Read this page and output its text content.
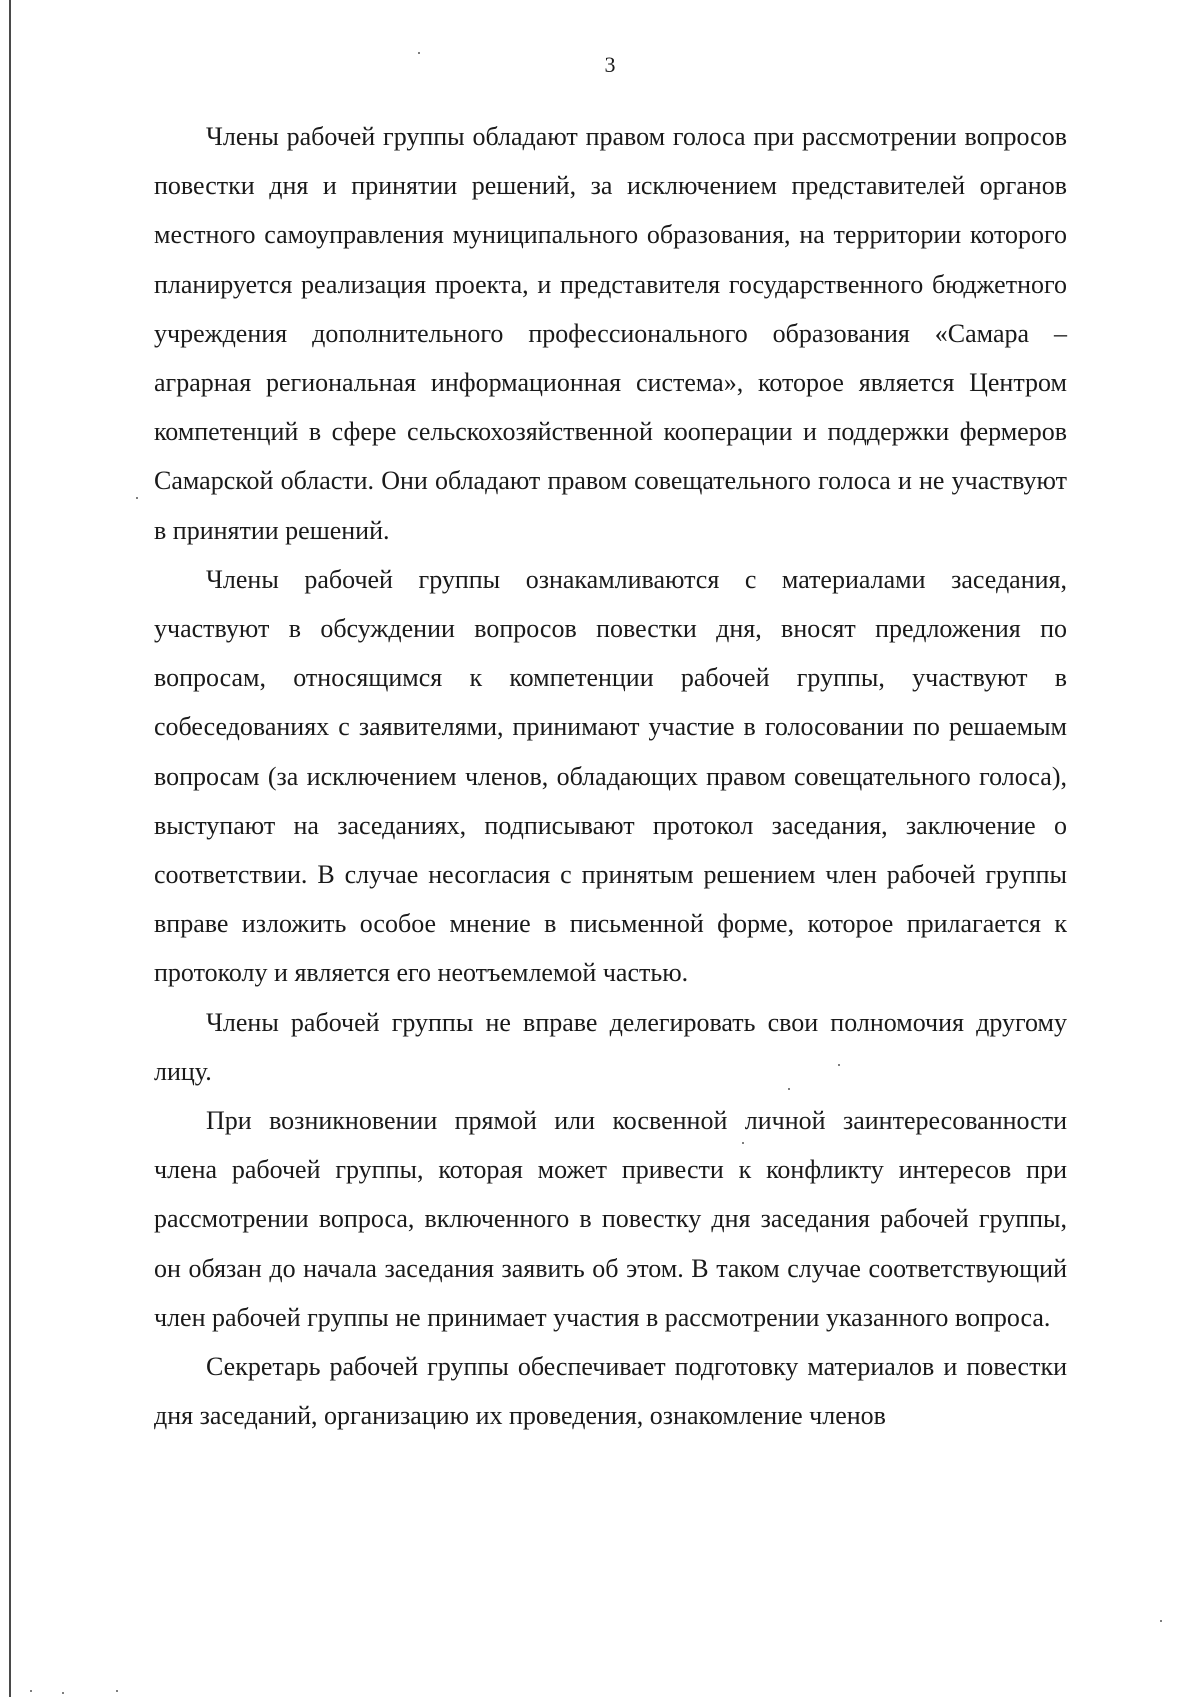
3

Члены рабочей группы обладают правом голоса при рассмотрении вопросов повестки дня и принятии решений, за исключением представителей органов местного самоуправления муниципального образования, на территории которого планируется реализация проекта, и представителя государственного бюджетного учреждения дополнительного профессионального образования «Самара – аграрная региональная информационная система», которое является Центром компетенций в сфере сельскохозяйственной кооперации и поддержки фермеров Самарской области. Они обладают правом совещательного голоса и не участвуют в принятии решений.

Члены рабочей группы ознакамливаются с материалами заседания, участвуют в обсуждении вопросов повестки дня, вносят предложения по вопросам, относящимся к компетенции рабочей группы, участвуют в собеседованиях с заявителями, принимают участие в голосовании по решаемым вопросам (за исключением членов, обладающих правом совещательного голоса), выступают на заседаниях, подписывают протокол заседания, заключение о соответствии. В случае несогласия с принятым решением член рабочей группы вправе изложить особое мнение в письменной форме, которое прилагается к протоколу и является его неотъемлемой частью.

Члены рабочей группы не вправе делегировать свои полномочия другому лицу.

При возникновении прямой или косвенной личной заинтересованности члена рабочей группы, которая может привести к конфликту интересов при рассмотрении вопроса, включенного в повестку дня заседания рабочей группы, он обязан до начала заседания заявить об этом. В таком случае соответствующий член рабочей группы не принимает участия в рассмотрении указанного вопроса.

Секретарь рабочей группы обеспечивает подготовку материалов и повестки дня заседаний, организацию их проведения, ознакомление членов
